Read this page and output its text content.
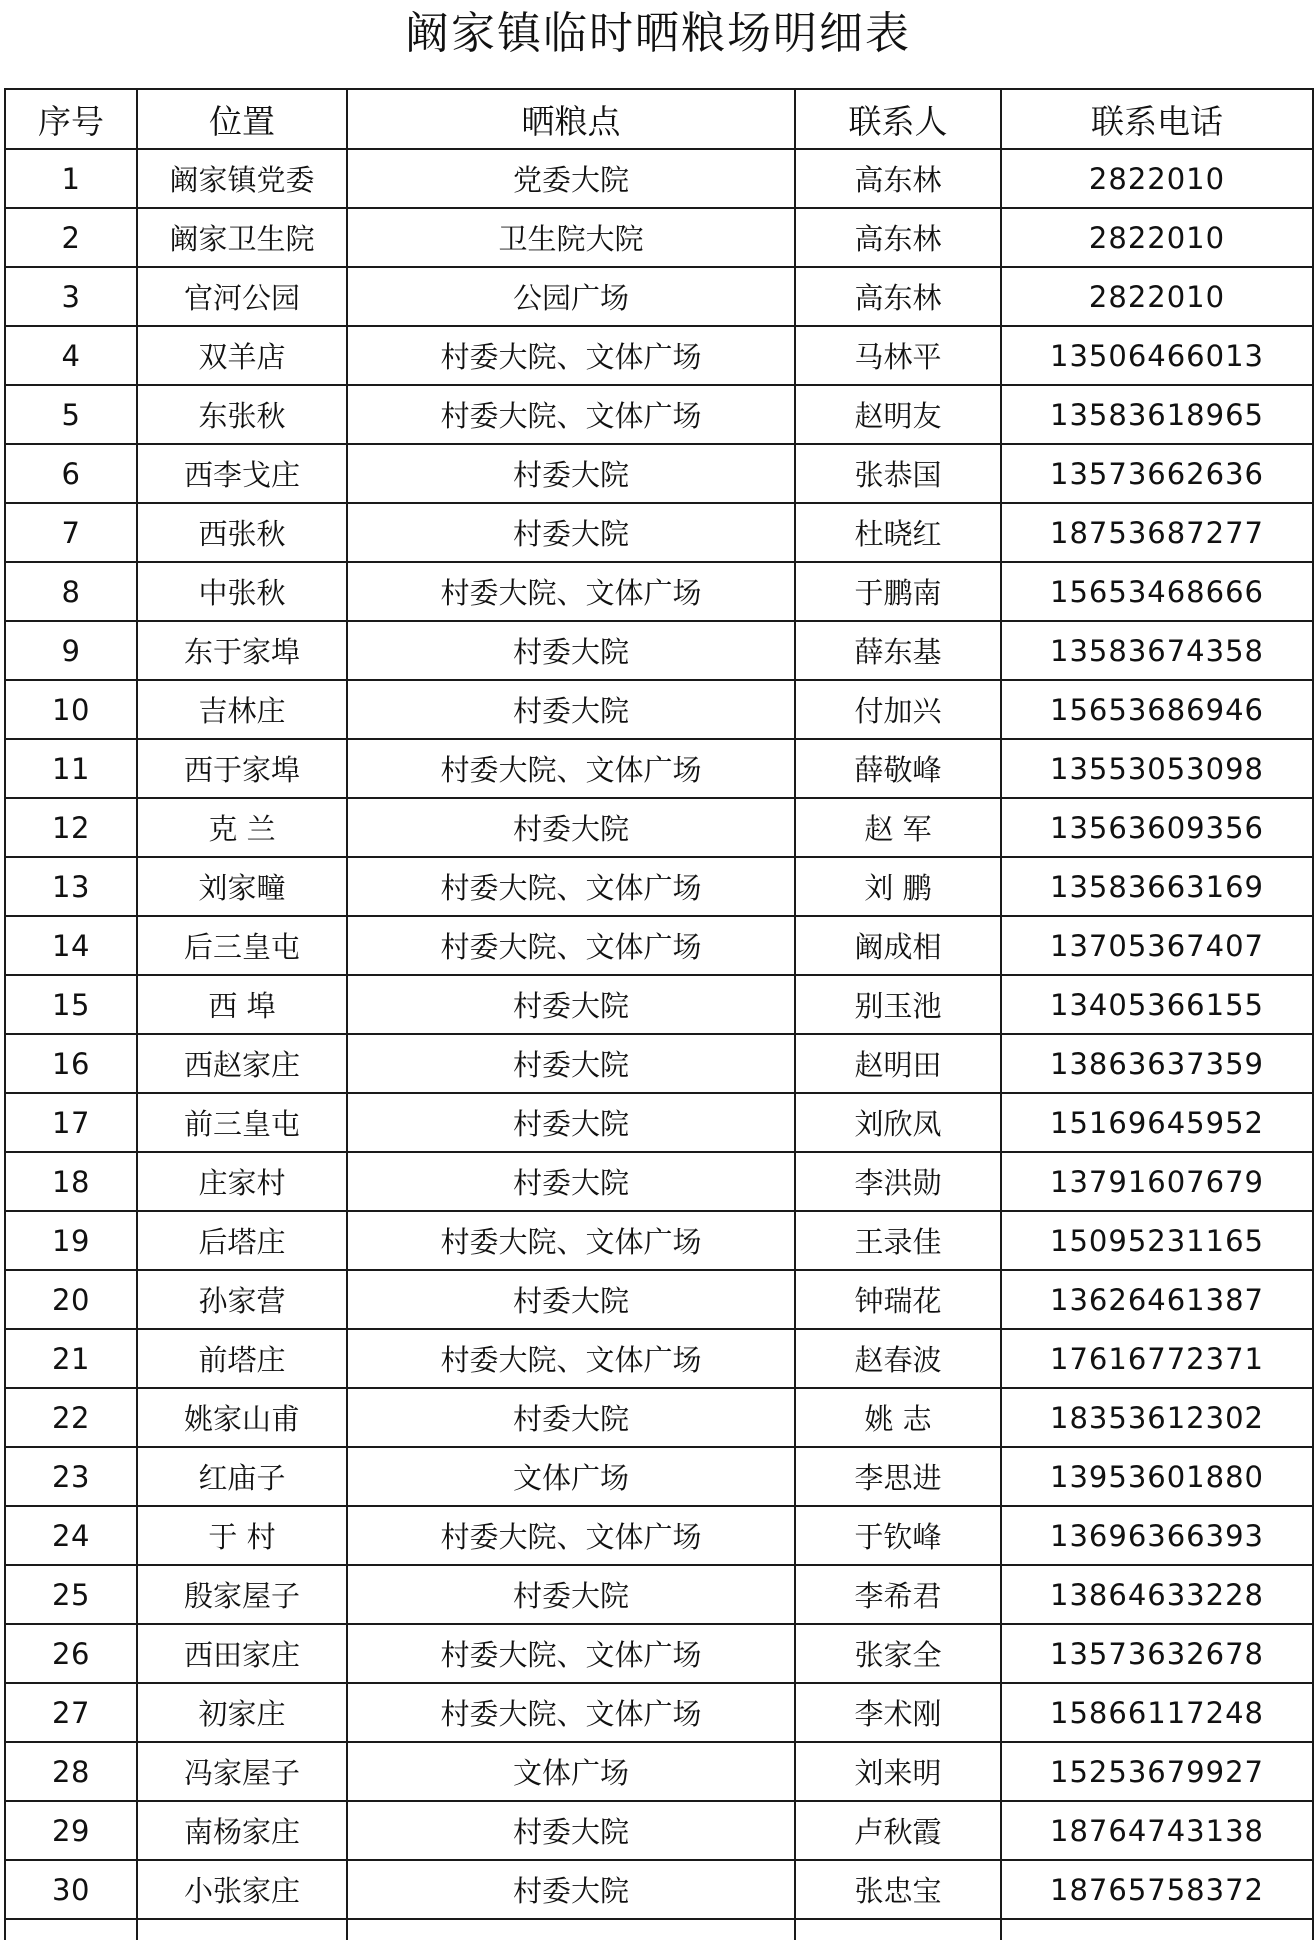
阚家镇临时晒粮场明细表
序号	位置	晒粮点	联系人	联系电话
1	阚家镇党委	党委大院	高东林	2822010
2	阚家卫生院	卫生院大院	高东林	2822010
3	官河公园	公园广场	高东林	2822010
4	双羊店	村委大院、文体广场	马林平	13506466013
5	东张秋	村委大院、文体广场	赵明友	13583618965
6	西李戈庄	村委大院	张恭国	13573662636
7	西张秋	村委大院	杜晓红	18753687277
8	中张秋	村委大院、文体广场	于鹏南	15653468666
9	东于家埠	村委大院	薛东基	13583674358
10	吉林庄	村委大院	付加兴	15653686946
11	西于家埠	村委大院、文体广场	薛敬峰	13553053098
12	克 兰	村委大院	赵 军	13563609356
13	刘家疃	村委大院、文体广场	刘 鹏	13583663169
14	后三皇屯	村委大院、文体广场	阚成相	13705367407
15	西 埠	村委大院	别玉池	13405366155
16	西赵家庄	村委大院	赵明田	13863637359
17	前三皇屯	村委大院	刘欣凤	15169645952
18	庄家村	村委大院	李洪勋	13791607679
19	后塔庄	村委大院、文体广场	王录佳	15095231165
20	孙家营	村委大院	钟瑞花	13626461387
21	前塔庄	村委大院、文体广场	赵春波	17616772371
22	姚家山甫	村委大院	姚 志	18353612302
23	红庙子	文体广场	李思进	13953601880
24	于 村	村委大院、文体广场	于钦峰	13696366393
25	殷家屋子	村委大院	李希君	13864633228
26	西田家庄	村委大院、文体广场	张家全	13573632678
27	初家庄	村委大院、文体广场	李术刚	15866117248
28	冯家屋子	文体广场	刘来明	15253679927
29	南杨家庄	村委大院	卢秋霞	18764743138
30	小张家庄	村委大院	张忠宝	18765758372
